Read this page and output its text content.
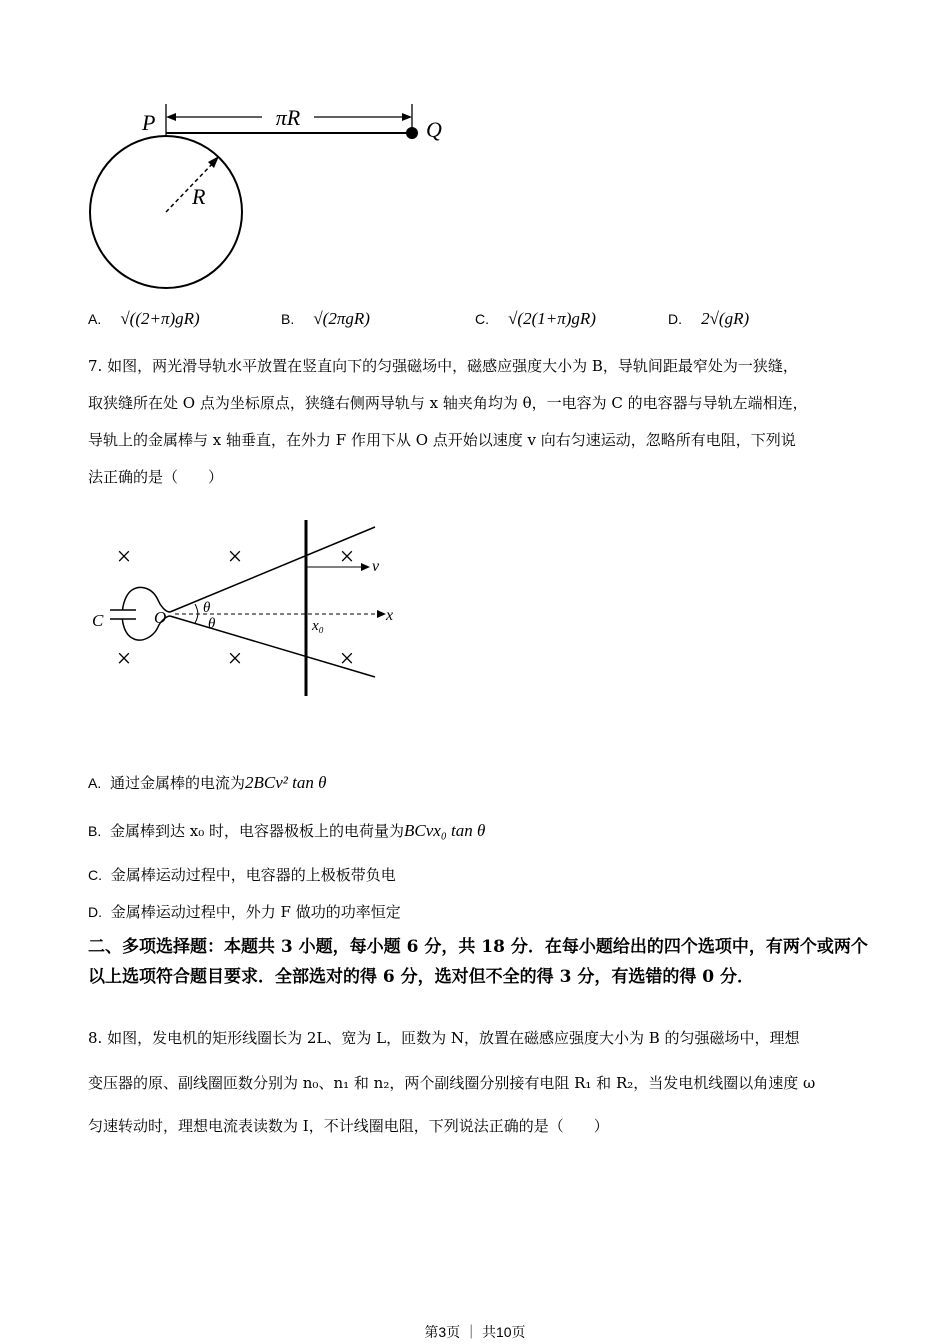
πR
P	Q
R
A. √((2+π)gR)	B. √(2πgR)	C. √(2(1+π)gR)	D. 2√(gR)
7. 如图，两光滑导轨水平放置在竖直向下的匀强磁场中，磁感应强度大小为 B，导轨间距最窄处为一狭缝，
取狭缝所在处 O 点为坐标原点，狭缝右侧两导轨与 x 轴夹角均为 θ，一电容为 C 的电容器与导轨左端相连，
导轨上的金属棒与 x 轴垂直，在外力 F 作用下从 O 点开始以速度 v 向右匀速运动，忽略所有电阻，下列说
法正确的是（　　）
×	×	×
×	×	×
C	O	x
θ
θ
v
x₀
A. 通过金属棒的电流为2BCv² tan θ
B. 金属棒到达 x₀ 时，电容器极板上的电荷量为BCvx₀ tan θ
C. 金属棒运动过程中，电容器的上极板带负电
D. 金属棒运动过程中，外力 F 做功的功率恒定
二、多项选择题：本题共 3 小题，每小题 6 分，共 18 分．在每小题给出的四个选项中，有两个或两个以上选项符合题目要求．全部选对的得 6 分，选对但不全的得 3 分，有选错的得 0 分．
8. 如图，发电机的矩形线圈长为 2L、宽为 L，匝数为 N，放置在磁感应强度大小为 B 的匀强磁场中，理想
变压器的原、副线圈匝数分别为 n₀、n₁ 和 n₂，两个副线圈分别接有电阻 R₁ 和 R₂，当发电机线圈以角速度 ω
匀速转动时，理想电流表读数为 I，不计线圈电阻，下列说法正确的是（　　）
第3页 ｜ 共10页
